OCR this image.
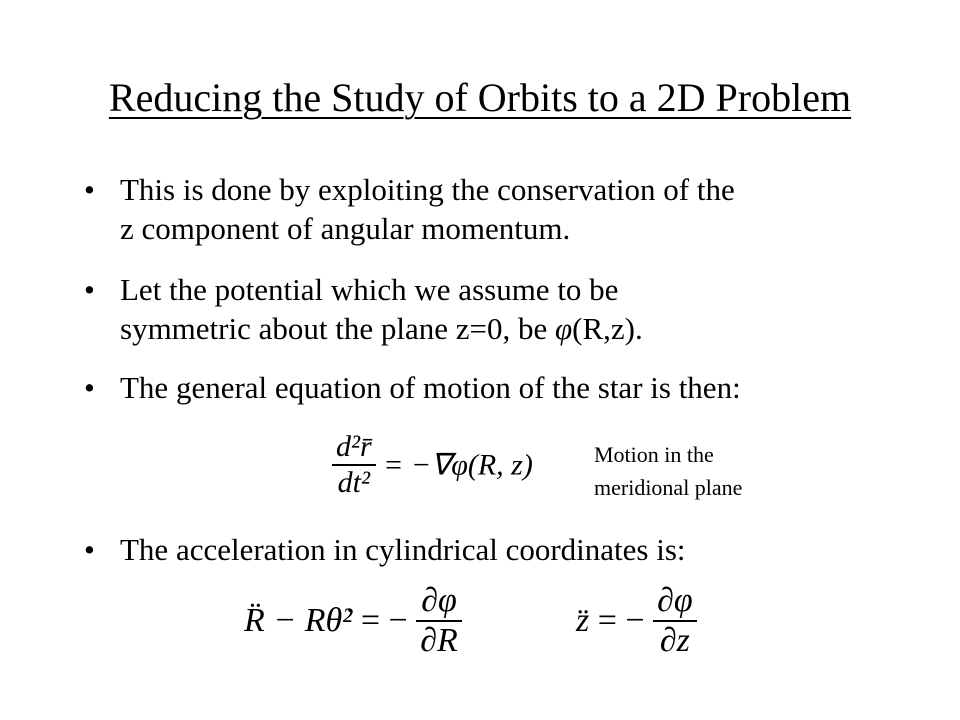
Reducing the Study of Orbits to a 2D Problem
• This is done by exploiting the conservation of the
z component of angular momentum.
• Let the potential which we assume to be
symmetric about the plane z=0, be φ(R,z).
• The general equation of motion of the star is then:
• The acceleration in cylindrical coordinates is:
$\frac{\text{d²r̄}}{\text{dt²}} = -\nabla\varphi(R$, z)	Motion in the
meridional plane
R̈ − Rθ̇² = − $\frac{\partial\varphi}{\partial R}$	z̈ = − $\frac{\partial\varphi}{\partial z}$
